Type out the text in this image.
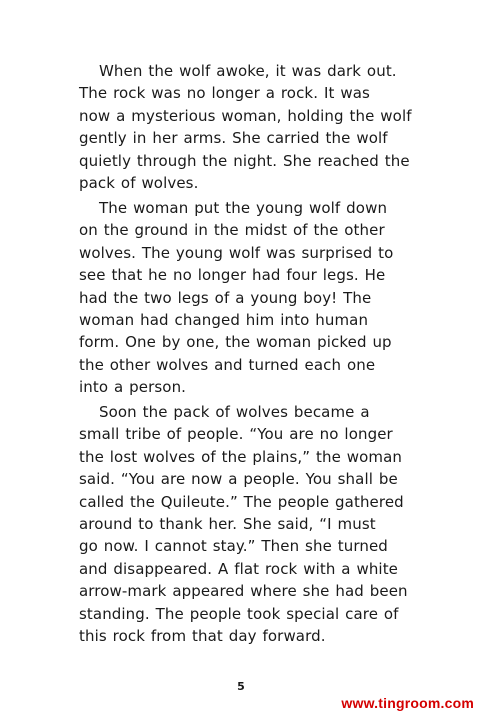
When the wolf awoke, it was dark out.
The rock was no longer a rock. It was
now a mysterious woman, holding the wolf
gently in her arms. She carried the wolf
quietly through the night. She reached the
pack of wolves.
The woman put the young wolf down
on the ground in the midst of the other
wolves. The young wolf was surprised to
see that he no longer had four legs. He
had the two legs of a young boy! The
woman had changed him into human
form. One by one, the woman picked up
the other wolves and turned each one
into a person.
Soon the pack of wolves became a
small tribe of people. “You are no longer
the lost wolves of the plains,” the woman
said. “You are now a people. You shall be
called the Quileute.” The people gathered
around to thank her. She said, “I must
go now. I cannot stay.” Then she turned
and disappeared. A flat rock with a white
arrow-mark appeared where she had been
standing. The people took special care of
this rock from that day forward.
5
www.tingroom.com
